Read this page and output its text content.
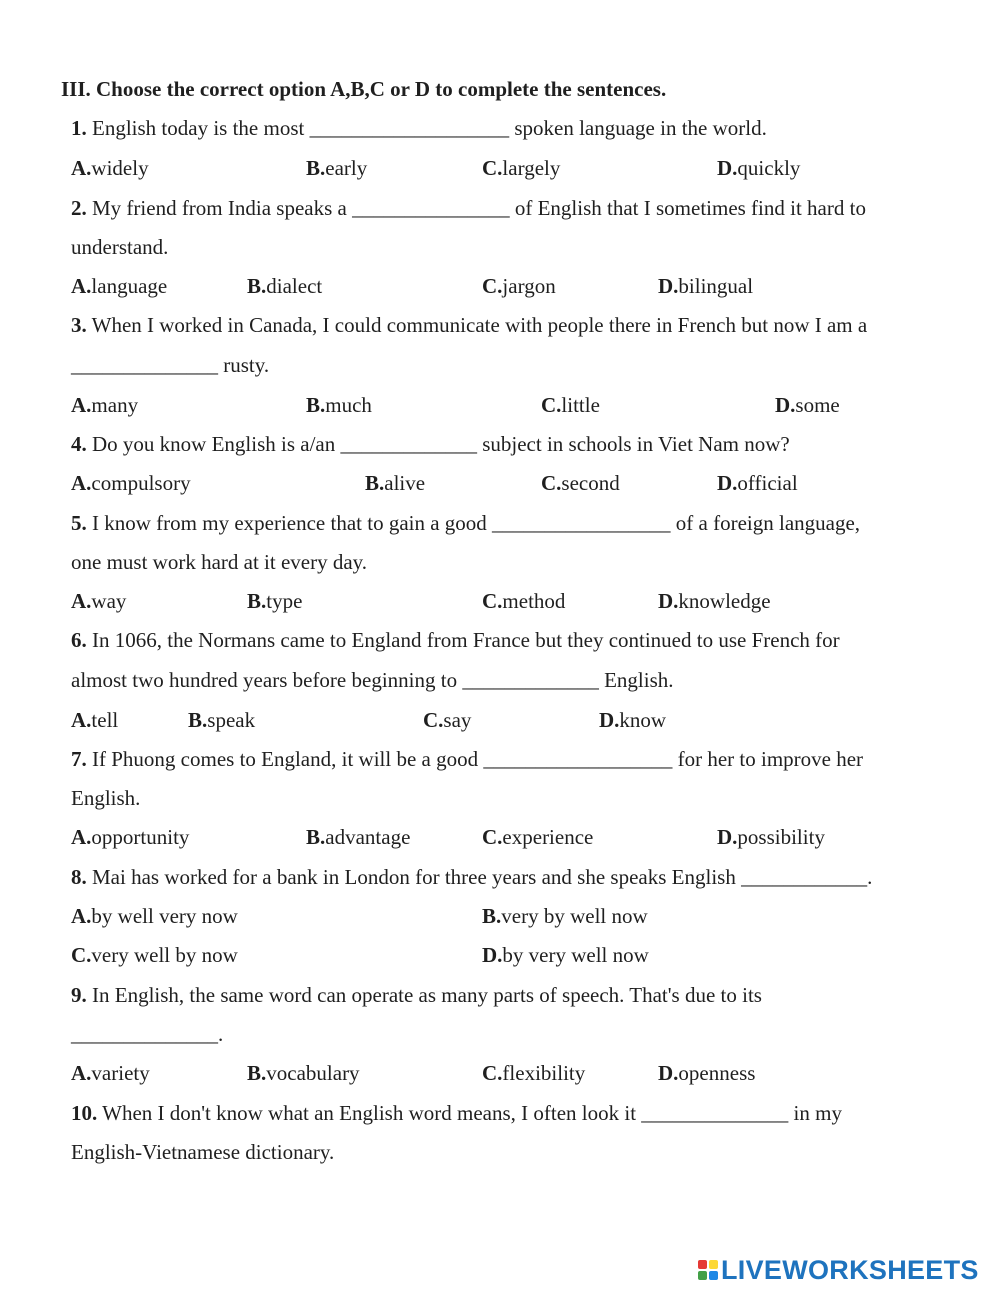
III. Choose the correct option A,B,C or D to complete the sentences.
1. English today is the most ___________________ spoken language in the world.
A.widely	B.early	C.largely	D.quickly
2. My friend from India speaks a _______________ of English that I sometimes find it hard to
understand.
A.language	B.dialect	C.jargon	D.bilingual
3. When I worked in Canada, I could communicate with people there in French but now I am a
______________ rusty.
A.many	B.much	C.little	D.some
4. Do you know English is a/an _____________ subject in schools in Viet Nam now?
A.compulsory	B.alive	C.second	D.official
5. I know from my experience that to gain a good _________________ of a foreign language,
one must work hard at it every day.
A.way	B.type	C.method	D.knowledge
6. In 1066, the Normans came to England from France but they continued to use French for
almost two hundred years before beginning to _____________ English.
A.tell	B.speak	C.say	D.know
7. If Phuong comes to England, it will be a good __________________ for her to improve her
English.
A.opportunity	B.advantage	C.experience	D.possibility
8. Mai has worked for a bank in London for three years and she speaks English ____________.
A.by well very now	B.very by well now
C.very well by now	D.by very well now
9. In English, the same word can operate as many parts of speech. That's due to its
______________.
A.variety	B.vocabulary	C.flexibility	D.openness
10. When I don't know what an English word means, I often look it ______________ in my
English-Vietnamese dictionary.
LIVEWORKSHEETS
